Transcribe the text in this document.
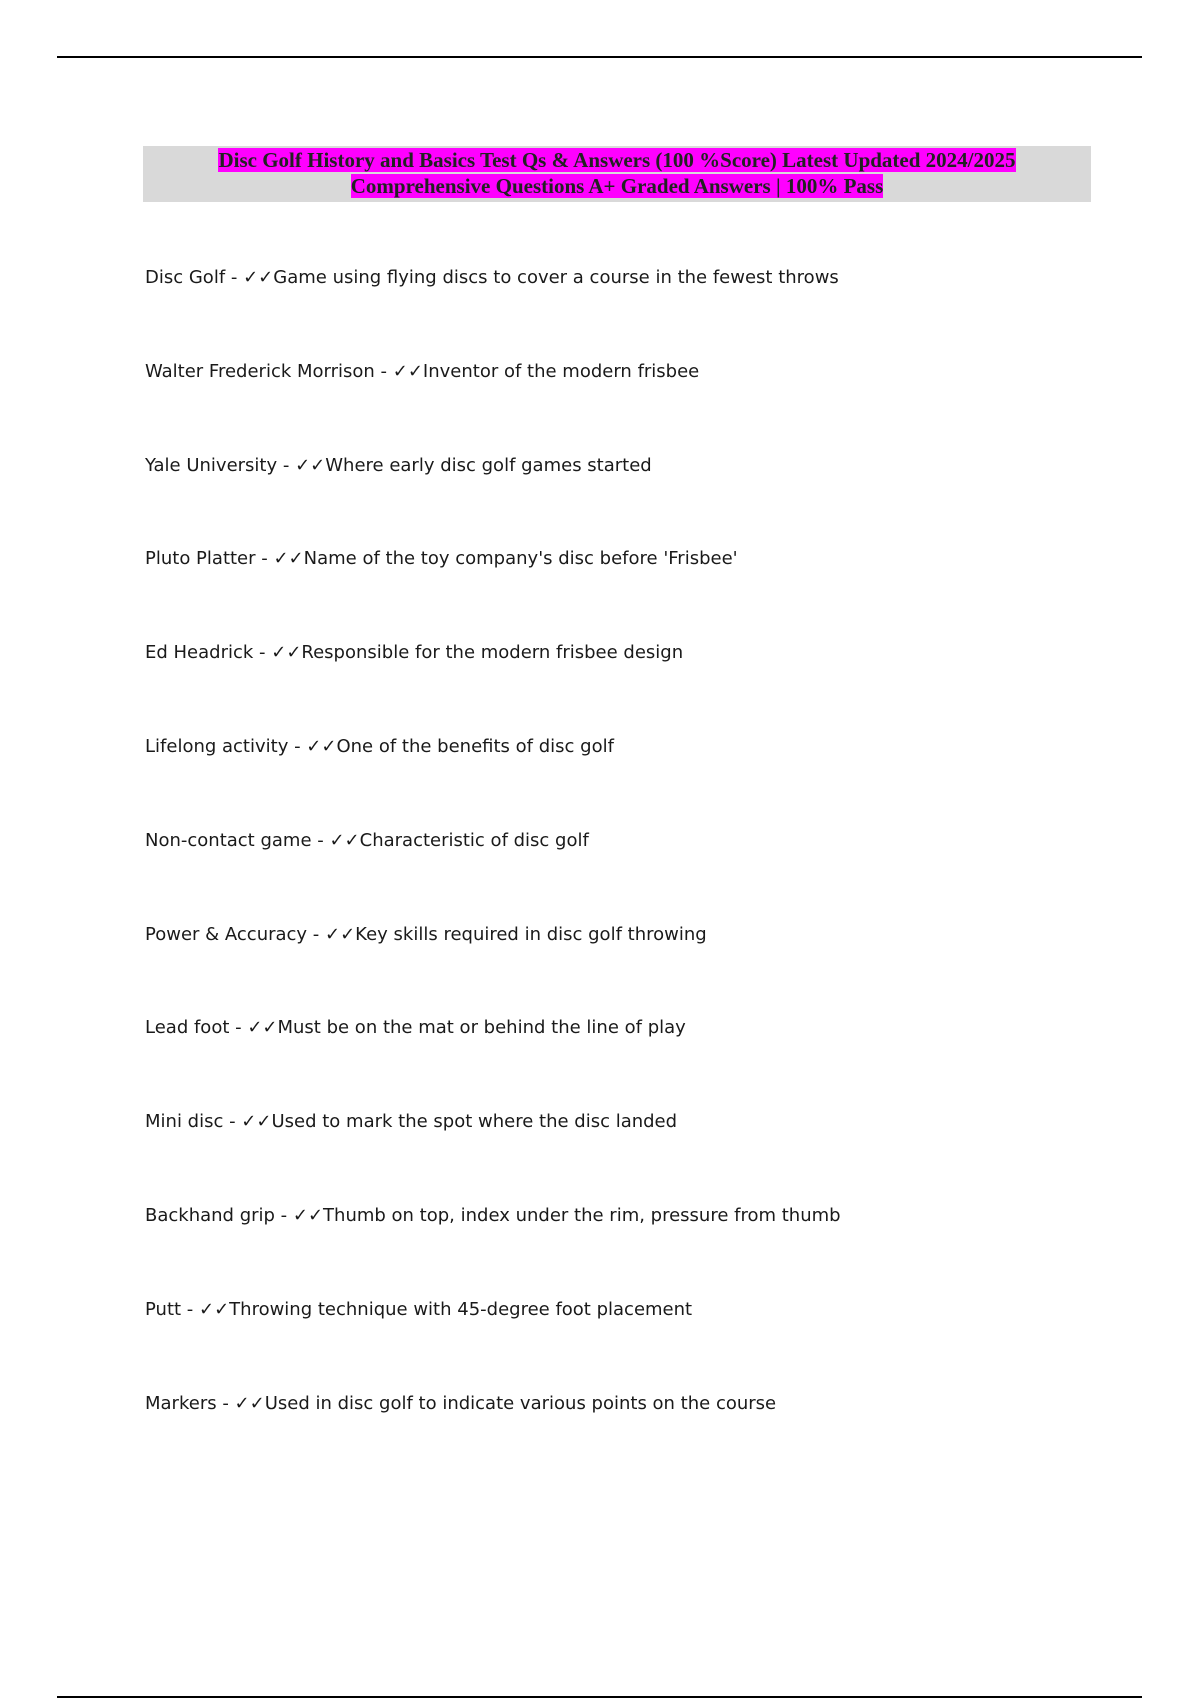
Disc Golf History and Basics Test Qs & Answers (100 %Score) Latest Updated 2024/2025
Comprehensive Questions A+ Graded Answers | 100% Pass
Disc Golf - ✓✓Game using flying discs to cover a course in the fewest throws
Walter Frederick Morrison - ✓✓Inventor of the modern frisbee
Yale University - ✓✓Where early disc golf games started
Pluto Platter - ✓✓Name of the toy company's disc before 'Frisbee'
Ed Headrick - ✓✓Responsible for the modern frisbee design
Lifelong activity - ✓✓One of the benefits of disc golf
Non-contact game - ✓✓Characteristic of disc golf
Power & Accuracy - ✓✓Key skills required in disc golf throwing
Lead foot - ✓✓Must be on the mat or behind the line of play
Mini disc - ✓✓Used to mark the spot where the disc landed
Backhand grip - ✓✓Thumb on top, index under the rim, pressure from thumb
Putt - ✓✓Throwing technique with 45-degree foot placement
Markers - ✓✓Used in disc golf to indicate various points on the course
